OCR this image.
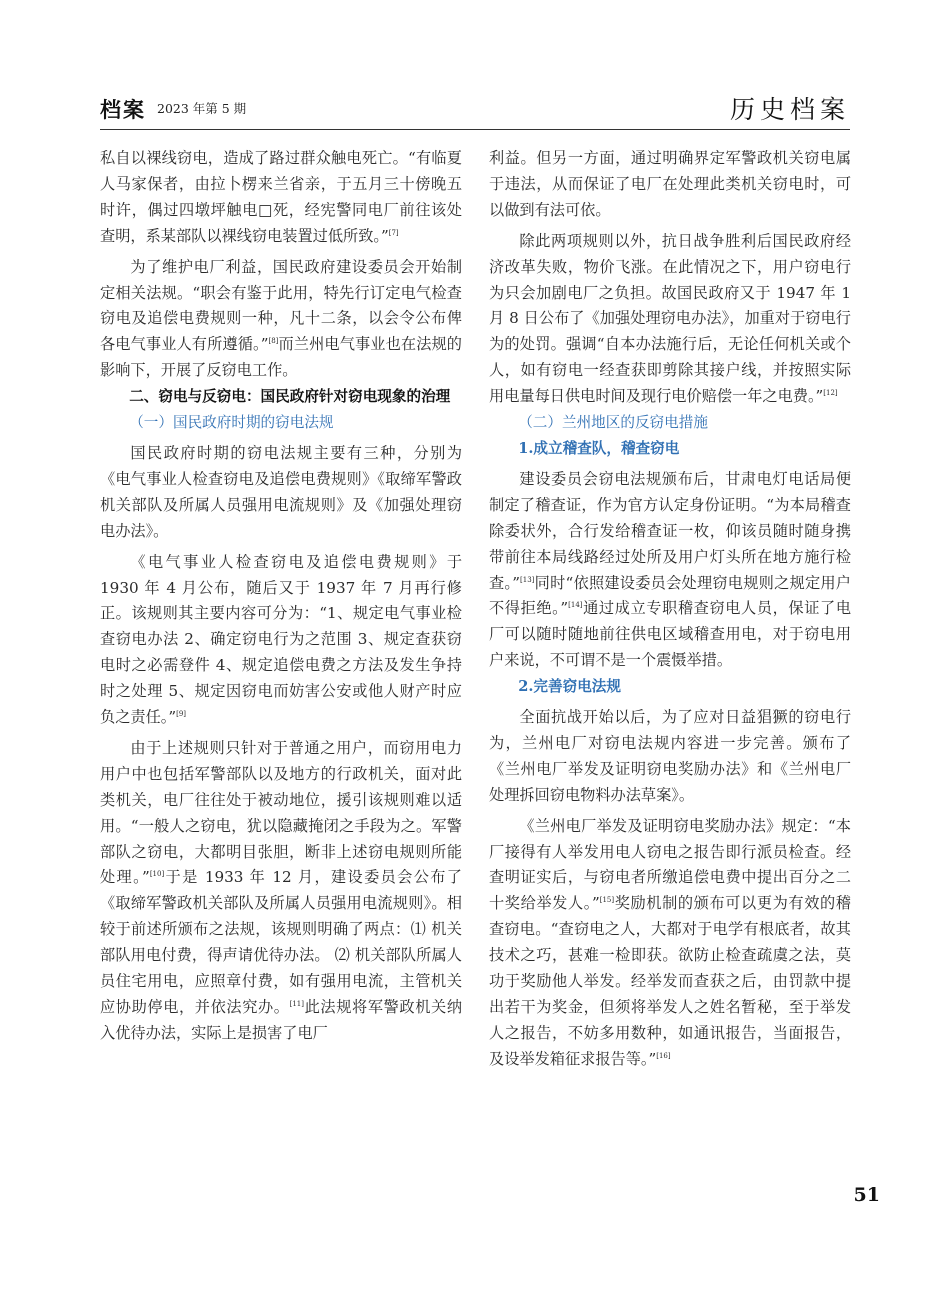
档案 2023 年第 5 期	历史档案

私自以裸线窃电，造成了路过群众触电死亡。“有临夏人马家保者，由拉卜楞来兰省亲，于五月三十傍晚五时许，偶过四墩坪触电□死，经宪警同电厂前往该处查明，系某部队以裸线窃电装置过低所致。”[7]

为了维护电厂利益，国民政府建设委员会开始制定相关法规。“职会有鉴于此用，特先行订定电气检查窃电及追偿电费规则一种，凡十二条，以会令公布俾各电气事业人有所遵循。”[8]而兰州电气事业也在法规的影响下，开展了反窃电工作。

二、窃电与反窃电：国民政府针对窃电现象的治理

（一）国民政府时期的窃电法规

国民政府时期的窃电法规主要有三种，分别为《电气事业人检查窃电及追偿电费规则》《取缔军警政机关部队及所属人员强用电流规则》及《加强处理窃电办法》。

《电气事业人检查窃电及追偿电费规则》于 1930 年 4 月公布，随后又于 1937 年 7 月再行修正。该规则其主要内容可分为：“1、规定电气事业检查窃电办法 2、确定窃电行为之范围 3、规定查获窃电时之必需登件 4、规定追偿电费之方法及发生争持时之处理 5、规定因窃电而妨害公安或他人财产时应负之责任。”[9]

由于上述规则只针对于普通之用户，而窃用电力用户中也包括军警部队以及地方的行政机关，面对此类机关，电厂往往处于被动地位，援引该规则难以适用。“一般人之窃电，犹以隐藏掩闭之手段为之。军警部队之窃电，大都明目张胆，断非上述窃电规则所能处理。”[10]于是 1933 年 12 月，建设委员会公布了《取缔军警政机关部队及所属人员强用电流规则》。相较于前述所颁布之法规，该规则明确了两点：⑴ 机关部队用电付费，得声请优待办法。 ⑵ 机关部队所属人员住宅用电，应照章付费，如有强用电流，主管机关应协助停电，并依法究办。[11]此法规将军警政机关纳入优待办法，实际上是损害了电厂

利益。但另一方面，通过明确界定军警政机关窃电属于违法，从而保证了电厂在处理此类机关窃电时，可以做到有法可依。

除此两项规则以外，抗日战争胜利后国民政府经济改革失败，物价飞涨。在此情况之下，用户窃电行为只会加剧电厂之负担。故国民政府又于 1947 年 1 月 8 日公布了《加强处理窃电办法》，加重对于窃电行为的处罚。强调“自本办法施行后，无论任何机关或个人，如有窃电一经查获即剪除其接户线，并按照实际用电量每日供电时间及现行电价赔偿一年之电费。”[12]

（二）兰州地区的反窃电措施

1.成立稽查队，稽查窃电

建设委员会窃电法规颁布后，甘肃电灯电话局便制定了稽查证，作为官方认定身份证明。“为本局稽查除委状外，合行发给稽查证一枚，仰该员随时随身携带前往本局线路经过处所及用户灯头所在地方施行检查。”[13]同时“依照建设委员会处理窃电规则之规定用户不得拒绝。”[14]通过成立专职稽查窃电人员，保证了电厂可以随时随地前往供电区域稽查用电，对于窃电用户来说，不可谓不是一个震慑举措。

2.完善窃电法规

全面抗战开始以后，为了应对日益猖獗的窃电行为，兰州电厂对窃电法规内容进一步完善。颁布了《兰州电厂举发及证明窃电奖励办法》和《兰州电厂处理拆回窃电物料办法草案》。

《兰州电厂举发及证明窃电奖励办法》规定：“本厂接得有人举发用电人窃电之报告即行派员检查。经查明证实后，与窃电者所缴追偿电费中提出百分之二十奖给举发人。”[15]奖励机制的颁布可以更为有效的稽查窃电。“查窃电之人，大都对于电学有根底者，故其技术之巧，甚难一检即获。欲防止检查疏虞之法，莫功于奖励他人举发。经举发而查获之后，由罚款中提出若干为奖金，但须将举发人之姓名暂秘，至于举发人之报告，不妨多用数种，如通讯报告，当面报告，及设举发箱征求报告等。”[16]

51
